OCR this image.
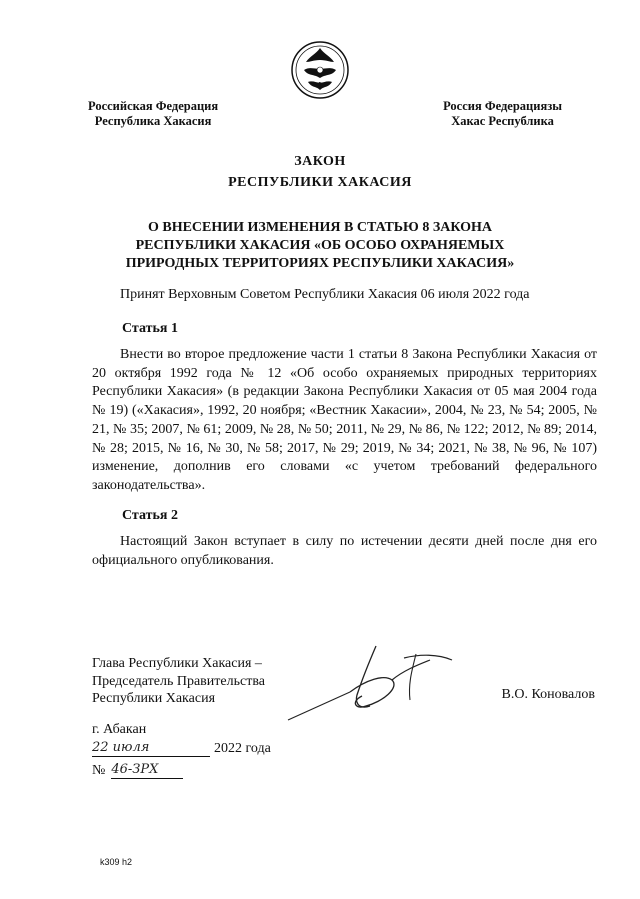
Российская Федерация
Республика Хакасия
Россия Федерациязы
Хакас Республика
ЗАКОН
РЕСПУБЛИКИ ХАКАСИЯ
О ВНЕСЕНИИ ИЗМЕНЕНИЯ В СТАТЬЮ 8 ЗАКОНА
РЕСПУБЛИКИ ХАКАСИЯ «ОБ ОСОБО ОХРАНЯЕМЫХ
ПРИРОДНЫХ ТЕРРИТОРИЯХ РЕСПУБЛИКИ ХАКАСИЯ»
Принят Верховным Советом Республики Хакасия 06 июля 2022 года
Статья 1

Внести во второе предложение части 1 статьи 8 Закона Республики Хакасия от 20 октября 1992 года № 12 «Об особо охраняемых природных территориях Республики Хакасия» (в редакции Закона Республики Хакасия от 05 мая 2004 года № 19) («Хакасия», 1992, 20 ноября; «Вестник Хакасии», 2004, № 23, № 54; 2005, № 21, № 35; 2007, № 61; 2009, № 28, № 50; 2011, № 29, № 86, № 122; 2012, № 89; 2014, № 28; 2015, № 16, № 30, № 58; 2017, № 29; 2019, № 34; 2021, № 38, № 96, № 107) изменение, дополнив его словами «с учетом требований федерального законодательства».

Статья 2

Настоящий Закон вступает в силу по истечении десяти дней после дня его официального опубликования.

Глава Республики Хакасия –
Председатель Правительства
Республики Хакасия	В.О. Коновалов
г. Абакан
22 июля	2022 года
№ 46-ЗРХ
k309 h2
